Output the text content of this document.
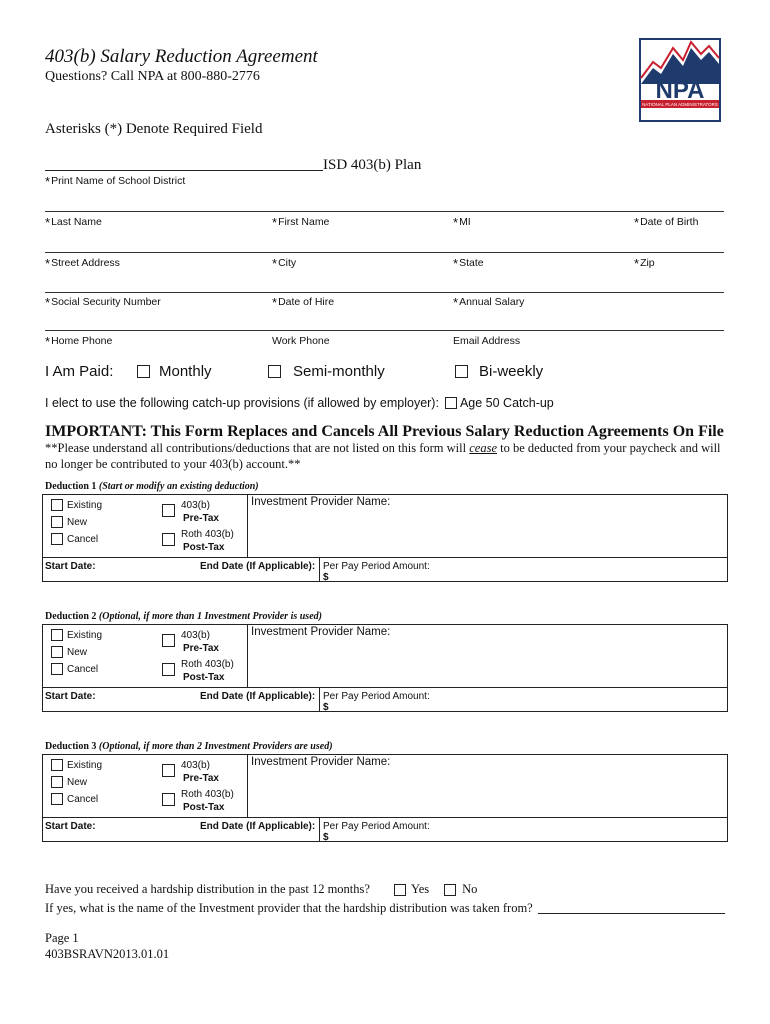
403(b) Salary Reduction Agreement
Questions? Call NPA at 800-880-2776
NPA
NATIONAL PLAN ADMINISTRATORS
Asterisks (*) Denote Required Field
ISD 403(b) Plan
*Print Name of School District
*Last Name	*First Name	*MI	*Date of Birth
*Street Address	*City	*State	*Zip
*Social Security Number	*Date of Hire	*Annual Salary
*Home Phone	Work Phone	Email Address
I Am Paid:	Monthly	Semi-monthly	Bi-weekly
I elect to use the following catch-up provisions (if allowed by employer): Age 50 Catch-up
IMPORTANT: This Form Replaces and Cancels All Previous Salary Reduction Agreements On File
**Please understand all contributions/deductions that are not listed on this form will cease to be deducted from your paycheck and will no longer be contributed to your 403(b) account.**
Deduction 1 (Start or modify an existing deduction)
Existing
New
Cancel
403(b)
Pre-Tax
Roth 403(b)
Post-Tax
Investment Provider Name:
Start Date:	End Date (If Applicable): Per Pay Period Amount:
$
Deduction 2 (Optional, if more than 1 Investment Provider is used)
Existing
New
Cancel
403(b)
Pre-Tax
Roth 403(b)
Post-Tax
Investment Provider Name:
Start Date:	End Date (If Applicable): Per Pay Period Amount:
$
Deduction 3 (Optional, if more than 2 Investment Providers are used)
Existing
New
Cancel
403(b)
Pre-Tax
Roth 403(b)
Post-Tax
Investment Provider Name:
Start Date:	End Date (If Applicable): Per Pay Period Amount:
$
Have you received a hardship distribution in the past 12 months?	Yes	No
If yes, what is the name of the Investment provider that the hardship distribution was taken from?
Page 1
403BSRAVN2013.01.01
